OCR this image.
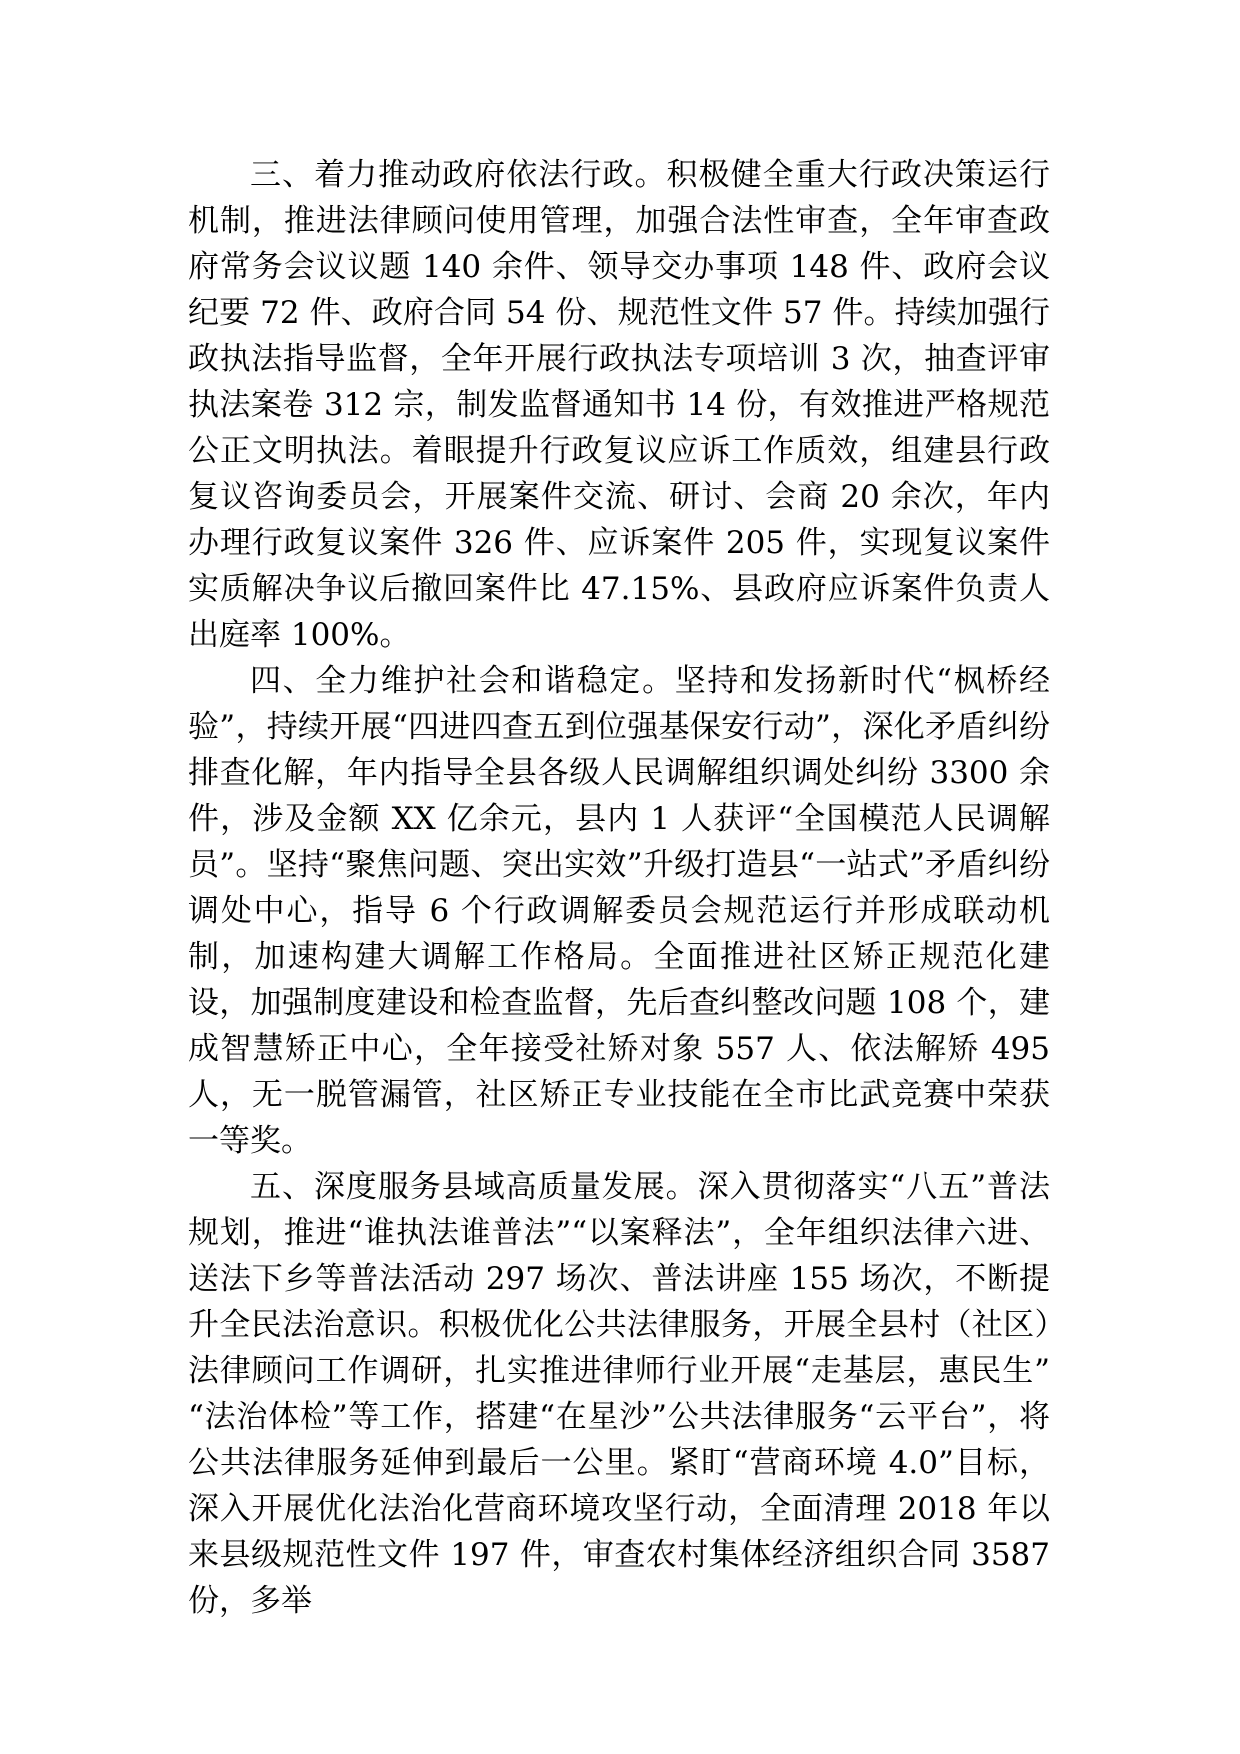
三、着力推动政府依法行政。积极健全重大行政决策运行机制，推进法律顾问使用管理，加强合法性审查，全年审查政府常务会议议题 140 余件、领导交办事项 148 件、政府会议纪要 72 件、政府合同 54 份、规范性文件 57 件。持续加强行政执法指导监督，全年开展行政执法专项培训 3 次，抽查评审执法案卷 312 宗，制发监督通知书 14 份，有效推进严格规范公正文明执法。着眼提升行政复议应诉工作质效，组建县行政复议咨询委员会，开展案件交流、研讨、会商 20 余次，年内办理行政复议案件 326 件、应诉案件 205 件，实现复议案件实质解决争议后撤回案件比 47.15%、县政府应诉案件负责人出庭率 100%。

四、全力维护社会和谐稳定。坚持和发扬新时代“枫桥经验”，持续开展“四进四查五到位强基保安行动”，深化矛盾纠纷排查化解，年内指导全县各级人民调解组织调处纠纷 3300 余件，涉及金额 XX 亿余元，县内 1 人获评“全国模范人民调解员”。坚持“聚焦问题、突出实效”升级打造县“一站式”矛盾纠纷调处中心，指导 6 个行政调解委员会规范运行并形成联动机制，加速构建大调解工作格局。全面推进社区矫正规范化建设，加强制度建设和检查监督，先后查纠整改问题 108 个，建成智慧矫正中心，全年接受社矫对象 557 人、依法解矫 495 人，无一脱管漏管，社区矫正专业技能在全市比武竞赛中荣获一等奖。

五、深度服务县域高质量发展。深入贯彻落实“八五”普法规划，推进“谁执法谁普法”“以案释法”，全年组织法律六进、送法下乡等普法活动 297 场次、普法讲座 155 场次，不断提升全民法治意识。积极优化公共法律服务，开展全县村（社区）法律顾问工作调研，扎实推进律师行业开展“走基层，惠民生” “法治体检”等工作，搭建“在星沙”公共法律服务“云平台”，将公共法律服务延伸到最后一公里。紧盯“营商环境 4.0”目标，深入开展优化法治化营商环境攻坚行动，全面清理 2018 年以来县级规范性文件 197 件，审查农村集体经济组织合同 3587 份，多举
